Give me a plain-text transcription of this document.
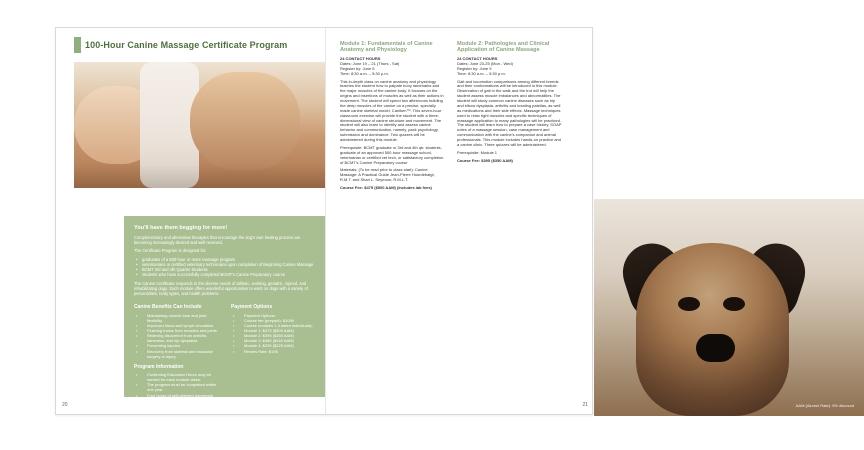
100-Hour Canine Massage Certificate Program
You'll have them begging for more!

Complementary and alternative therapies that encourage the dog's own healing process are becoming increasingly desired and well received.

The Certificate Program is designed for:

• graduates of a 500-hour or more massage program
• veterinarians or certified veterinary technicians upon completion of Beginning Canine Massage
• BCMT 3rd and 4th Quarter Students
• students who have successfully completed BCMT's Canine Preparatory course

The Canine Certificate responds to the diverse needs of athletic, working, geriatric, injured, and rehabilitating dogs. Each module offers wonderful opportunities to work on dogs with a variety of personalities, body types, and health problems.

Canine Benefits Can Include
• Maintaining muscle tone and joint flexibility.
• Improved blood and lymph circulation.
• Flushing toxins from muscles and joints.
• Relieving discomfort from arthritis, lameness, and hip dysplasia.
• Preventing injuries.
• Recovery from skeletal and muscular surgery or injury.
Program Information
• Continuing Education Hours may be earned for each module taken.
• The program must be completed within one year.
• Four hours of self-directed homework and outside class requirements.
Payment Options
• Payment Options:
• Course fee (prepaid): $1090
• Course modules 1-4 taken individually:
• Module 1: $475 ($500 AAM)
• Module 2: $395 ($350 AAM)
• Module 3: $485 ($160 AAM)
• Module 4: $295 ($225 AAM)
• Review Rate: $195
20
Module 1: Fundamentals of Canine Anatomy and Physiology
24 CONTACT HOURS
Dates: June 19 – 21 (Thurs - Sat)
Register by: June 5
Time: 8:30 a.m. – 5:30 p.m.
This in-depth class on canine anatomy and physiology teaches the student how to palpate bony landmarks and the major muscles of the canine body. It focuses on the origins and insertions of muscles as well as their actions in movement. The student will spend two afternoons building the deep muscles of the canine on a precise, specially made canine skeletal model, Caniken™. This seven-hour classroom exercise will provide the student with a three-dimensional view of canine structure and movement. The student will also learn to identify and assess canine behavior and communication, namely, pack psychology, submission and dominance. Two quizzes will be administered during this module.
Prerequisite: BCMT graduate or 3rd and 4th qtr. students, graduate of an approved 500-hour massage school, veterinarian or certified vet tech, or satisfactory completion of BCMT's Canine Preparatory course
Materials: (To be read prior to class start): Canine Massage: A Practical Guide Jean-Pierre Hourdebaigt, R.M.T. and Shari L. Seymour, R.M.L.T.
Course Fee: $475 ($500 AAM) (Includes lab fees)
Module 2: Pathologies and Clinical Application of Canine Massage
24 CONTACT HOURS
Dates: June 23-25 (Mon - Wed)
Register by: June 9
Time: 8:30 a.m. – 5:30 p.m.
Gait and locomotion comparisons among different breeds and their conformations will be introduced in this module. Observation of gait in the walk and the trot will help the student assess muscle imbalances and abnormalities. The student will study common canine diseases such as hip and elbow dysplasia, arthritis and luxating patellas, as well as medications and their side effects. Massage techniques used to relax tight muscles and specific techniques of massage application to many pathologies will be practiced. The student will learn how to prepare a case history, SOAP notes of a massage session, case management and communication with the canine's companion and animal professionals. This module includes hands-on practice and a canine clinic. Three quizzes will be administered.
Prerequisite: Module 1
Course Fee: $395 ($350 AAM)
AAM (Alumni Rate): 5% discount
21
